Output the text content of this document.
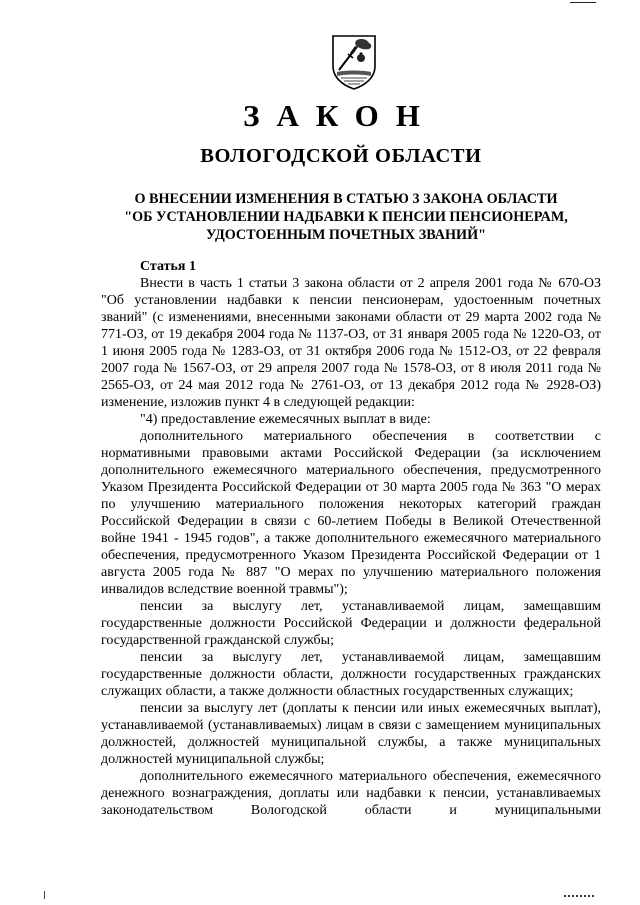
ЗАКОН
ВОЛОГОДСКОЙ ОБЛАСТИ
О ВНЕСЕНИИ ИЗМЕНЕНИЯ В СТАТЬЮ 3 ЗАКОНА ОБЛАСТИ
"ОБ УСТАНОВЛЕНИИ НАДБАВКИ К ПЕНСИИ ПЕНСИОНЕРАМ,
УДОСТОЕННЫМ ПОЧЕТНЫХ ЗВАНИЙ"
Статья 1

Внести в часть 1 статьи 3 закона области от 2 апреля 2001 года № 670-ОЗ "Об установлении надбавки к пенсии пенсионерам, удостоенным почетных званий" (с изменениями, внесенными законами области от 29 марта 2002 года № 771-ОЗ, от 19 декабря 2004 года № 1137-ОЗ, от 31 января 2005 года № 1220-ОЗ, от 1 июня 2005 года № 1283-ОЗ, от 31 октября 2006 года № 1512-ОЗ, от 22 февраля 2007 года № 1567-ОЗ, от 29 апреля 2007 года № 1578-ОЗ, от 8 июля 2011 года № 2565-ОЗ, от 24 мая 2012 года № 2761-ОЗ, от 13 декабря 2012 года № 2928-ОЗ) изменение, изложив пункт 4 в следующей редакции:

"4) предоставление ежемесячных выплат в виде:

дополнительного материального обеспечения в соответствии с нормативными правовыми актами Российской Федерации (за исключением дополнительного ежемесячного материального обеспечения, предусмотренного Указом Президента Российской Федерации от 30 марта 2005 года № 363 "О мерах по улучшению материального положения некоторых категорий граждан Российской Федерации в связи с 60-летием Победы в Великой Отечественной войне 1941 - 1945 годов", а также дополнительного ежемесячного материального обеспечения, предусмотренного Указом Президента Российской Федерации от 1 августа 2005 года № 887 "О мерах по улучшению материального положения инвалидов вследствие военной травмы");

пенсии за выслугу лет, устанавливаемой лицам, замещавшим государственные должности Российской Федерации и должности федеральной государственной гражданской службы;

пенсии за выслугу лет, устанавливаемой лицам, замещавшим государственные должности области, должности государственных гражданских служащих области, а также должности областных государственных служащих;

пенсии за выслугу лет (доплаты к пенсии или иных ежемесячных выплат), устанавливаемой (устанавливаемых) лицам в связи с замещением муниципальных должностей, должностей муниципальной службы, а также муниципальных должностей муниципальной службы;

дополнительного ежемесячного материального обеспечения, ежемесячного денежного вознаграждения, доплаты или надбавки к пенсии, устанавливаемых законодательством Вологодской области и муниципальными
